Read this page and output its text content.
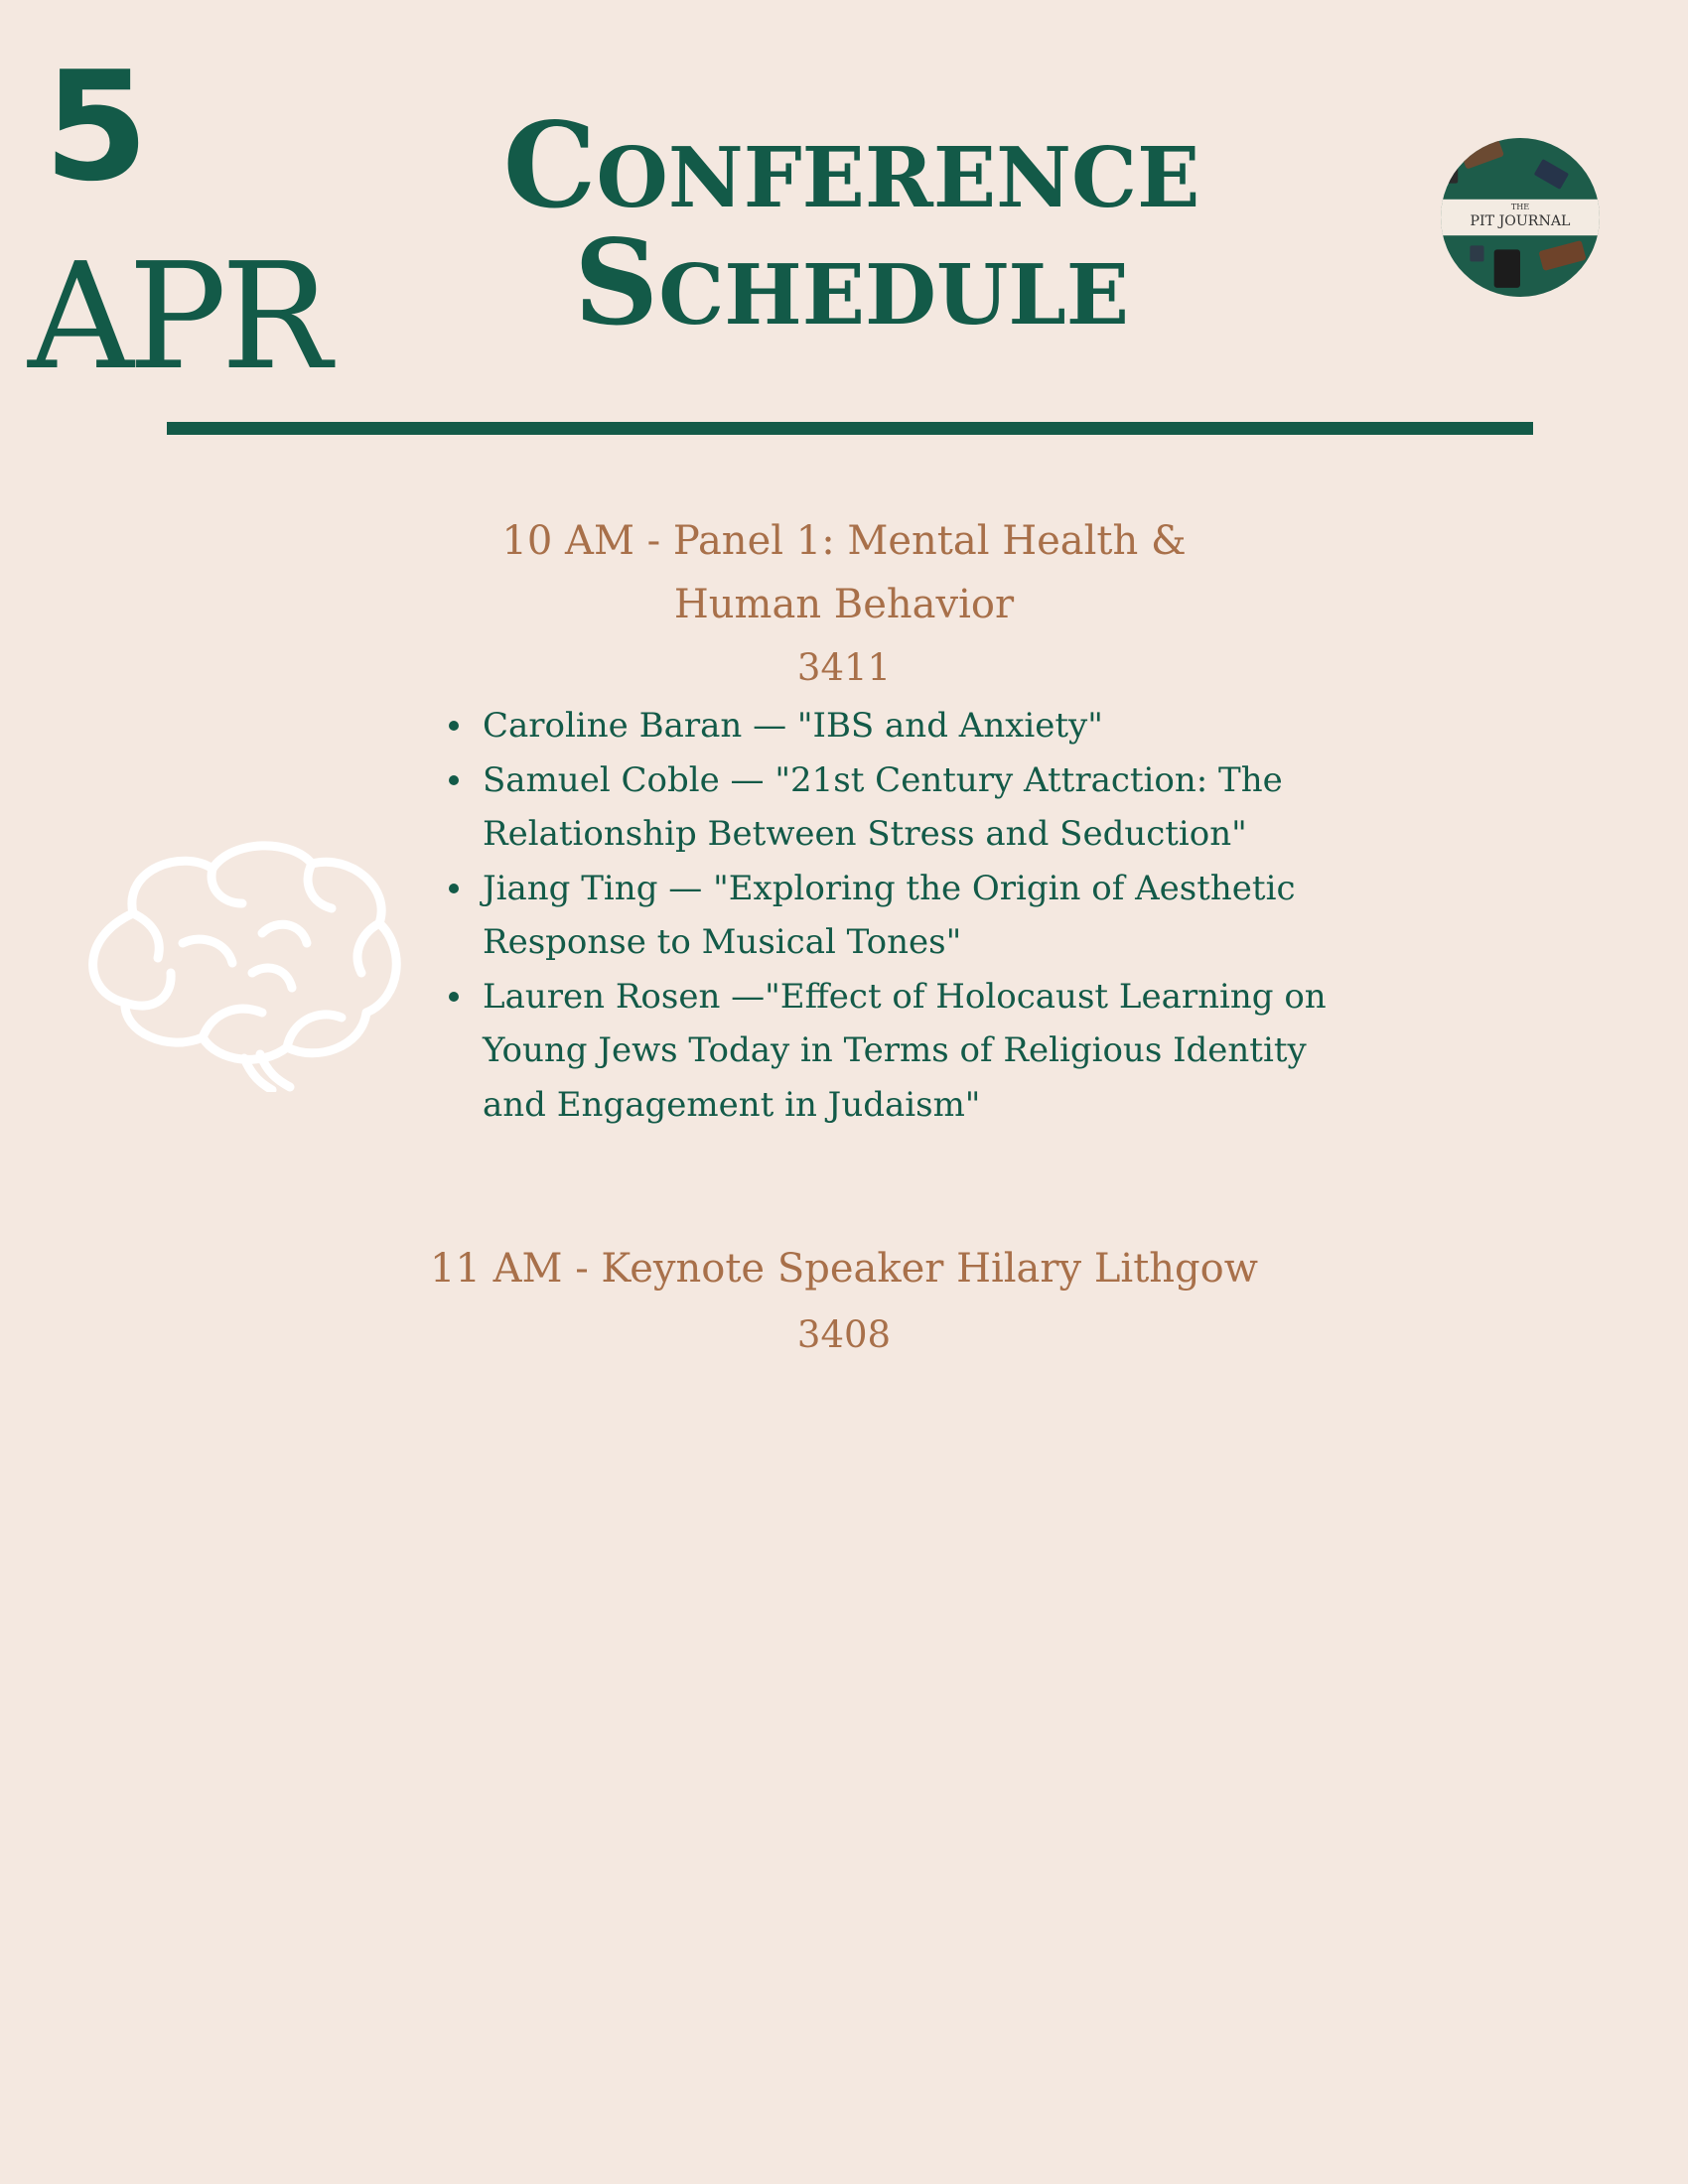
5
APR
Conference
Schedule
THE
PIT JOURNAL
10 AM - Panel 1: Mental Health &
Human Behavior
3411
Caroline Baran — "IBS and Anxiety"
Samuel Coble — "21st Century Attraction: The Relationship Between Stress and Seduction"
Jiang Ting — "Exploring the Origin of Aesthetic Response to Musical Tones"
Lauren Rosen —"Effect of Holocaust Learning on Young Jews Today in Terms of Religious Identity and Engagement in Judaism"
11 AM - Keynote Speaker Hilary Lithgow
3408
